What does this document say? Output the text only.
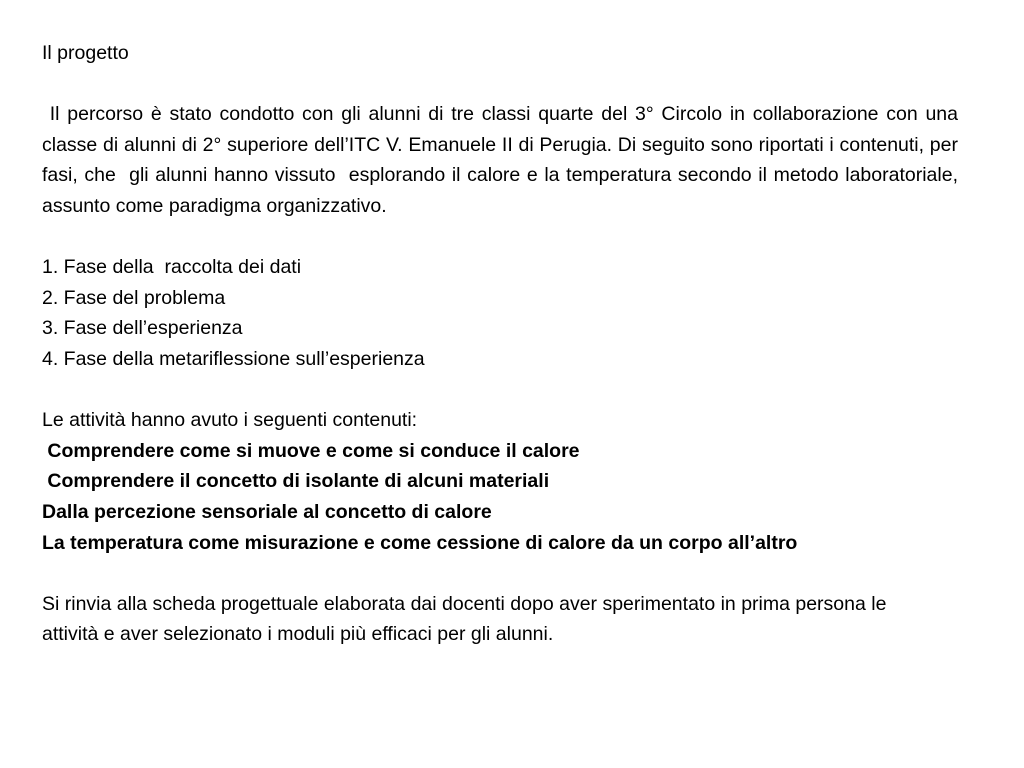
Il progetto
Il percorso è stato condotto con gli alunni di tre classi quarte del 3° Circolo in collaborazione con una classe di alunni di 2° superiore dell’ITC V. Emanuele II di Perugia. Di seguito sono riportati i contenuti, per fasi, che  gli alunni hanno vissuto  esplorando il calore e la temperatura secondo il metodo laboratoriale,  assunto come paradigma organizzativo.
1. Fase della  raccolta dei dati
2. Fase del problema
3. Fase dell’esperienza
4. Fase della metariflessione sull’esperienza
Le attività hanno avuto i seguenti contenuti:
Comprendere come si muove e come si conduce il calore
Comprendere il concetto di isolante di alcuni materiali
Dalla percezione sensoriale al concetto di calore
La temperatura come misurazione e come cessione di calore da un corpo all’altro
Si rinvia alla scheda progettuale elaborata dai docenti dopo aver sperimentato in prima persona le attività e aver selezionato i moduli più efficaci per gli alunni.
